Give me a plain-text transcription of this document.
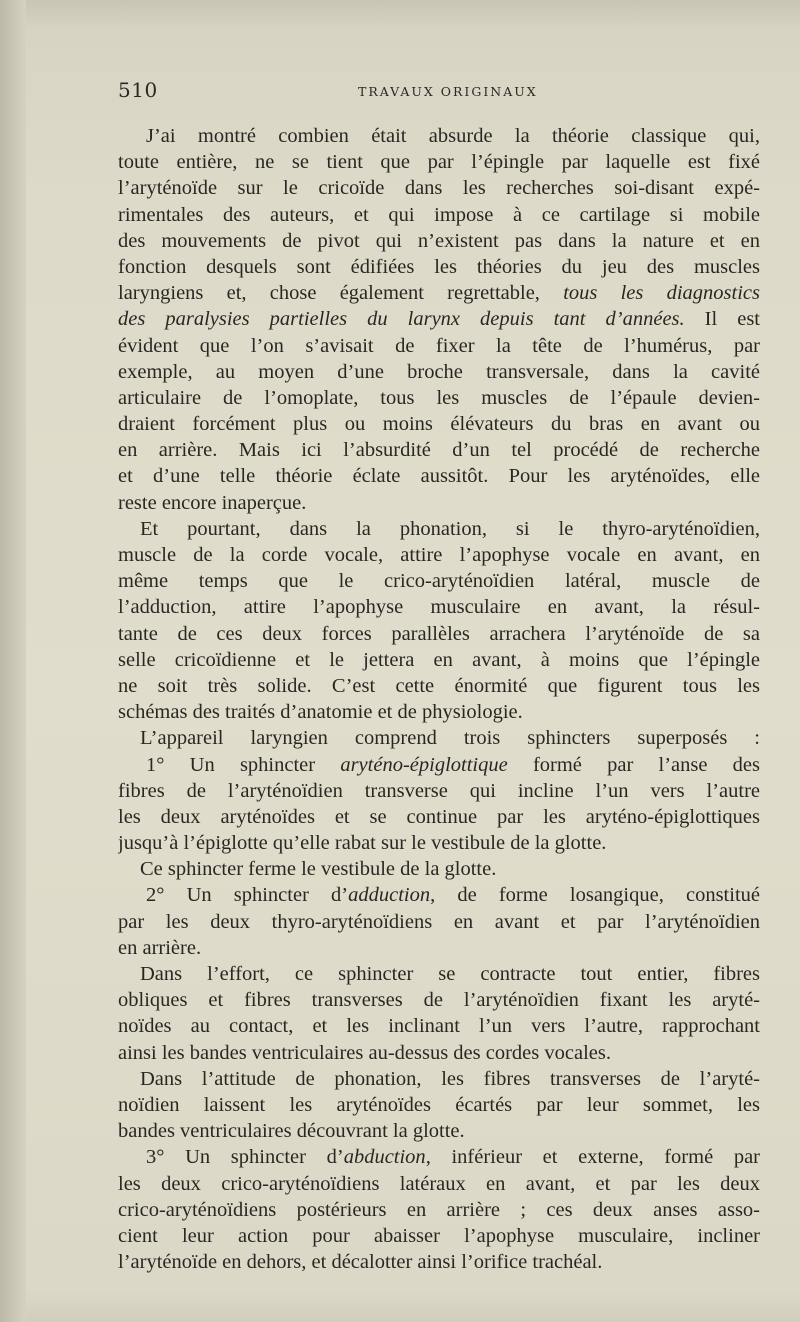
510	TRAVAUX ORIGINAUX
J’ai montré combien était absurde la théorie classique qui,
toute entière, ne se tient que par l’épingle par laquelle est fixé
l’aryténoïde sur le cricoïde dans les recherches soi-disant expé-
rimentales des auteurs, et qui impose à ce cartilage si mobile
des mouvements de pivot qui n’existent pas dans la nature et en
fonction desquels sont édifiées les théories du jeu des muscles
laryngiens et, chose également regrettable, tous les diagnostics
des paralysies partielles du larynx depuis tant d’années. Il est
évident que l’on s’avisait de fixer la tête de l’humérus, par
exemple, au moyen d’une broche transversale, dans la cavité
articulaire de l’omoplate, tous les muscles de l’épaule devien-
draient forcément plus ou moins élévateurs du bras en avant ou
en arrière. Mais ici l’absurdité d’un tel procédé de recherche
et d’une telle théorie éclate aussitôt. Pour les aryténoïdes, elle
reste encore inaperçue.
Et pourtant, dans la phonation, si le thyro-aryténoïdien,
muscle de la corde vocale, attire l’apophyse vocale en avant, en
même temps que le crico-aryténoïdien latéral, muscle de
l’adduction, attire l’apophyse musculaire en avant, la résul-
tante de ces deux forces parallèles arrachera l’aryténoïde de sa
selle cricoïdienne et le jettera en avant, à moins que l’épingle
ne soit très solide. C’est cette énormité que figurent tous les
schémas des traités d’anatomie et de physiologie.
L’appareil laryngien comprend trois sphincters superposés :
1° Un sphincter aryténo-épiglottique formé par l’anse des
fibres de l’aryténoïdien transverse qui incline l’un vers l’autre
les deux aryténoïdes et se continue par les aryténo-épiglottiques
jusqu’à l’épiglotte qu’elle rabat sur le vestibule de la glotte.
Ce sphincter ferme le vestibule de la glotte.
2° Un sphincter d’adduction, de forme losangique, constitué
par les deux thyro-aryténoïdiens en avant et par l’aryténoïdien
en arrière.
Dans l’effort, ce sphincter se contracte tout entier, fibres
obliques et fibres transverses de l’aryténoïdien fixant les aryté-
noïdes au contact, et les inclinant l’un vers l’autre, rapprochant
ainsi les bandes ventriculaires au-dessus des cordes vocales.
Dans l’attitude de phonation, les fibres transverses de l’aryté-
noïdien laissent les aryténoïdes écartés par leur sommet, les
bandes ventriculaires découvrant la glotte.
3° Un sphincter d’abduction, inférieur et externe, formé par
les deux crico-aryténoïdiens latéraux en avant, et par les deux
crico-aryténoïdiens postérieurs en arrière ; ces deux anses asso-
cient leur action pour abaisser l’apophyse musculaire, incliner
l’aryténoïde en dehors, et décalotter ainsi l’orifice trachéal.
